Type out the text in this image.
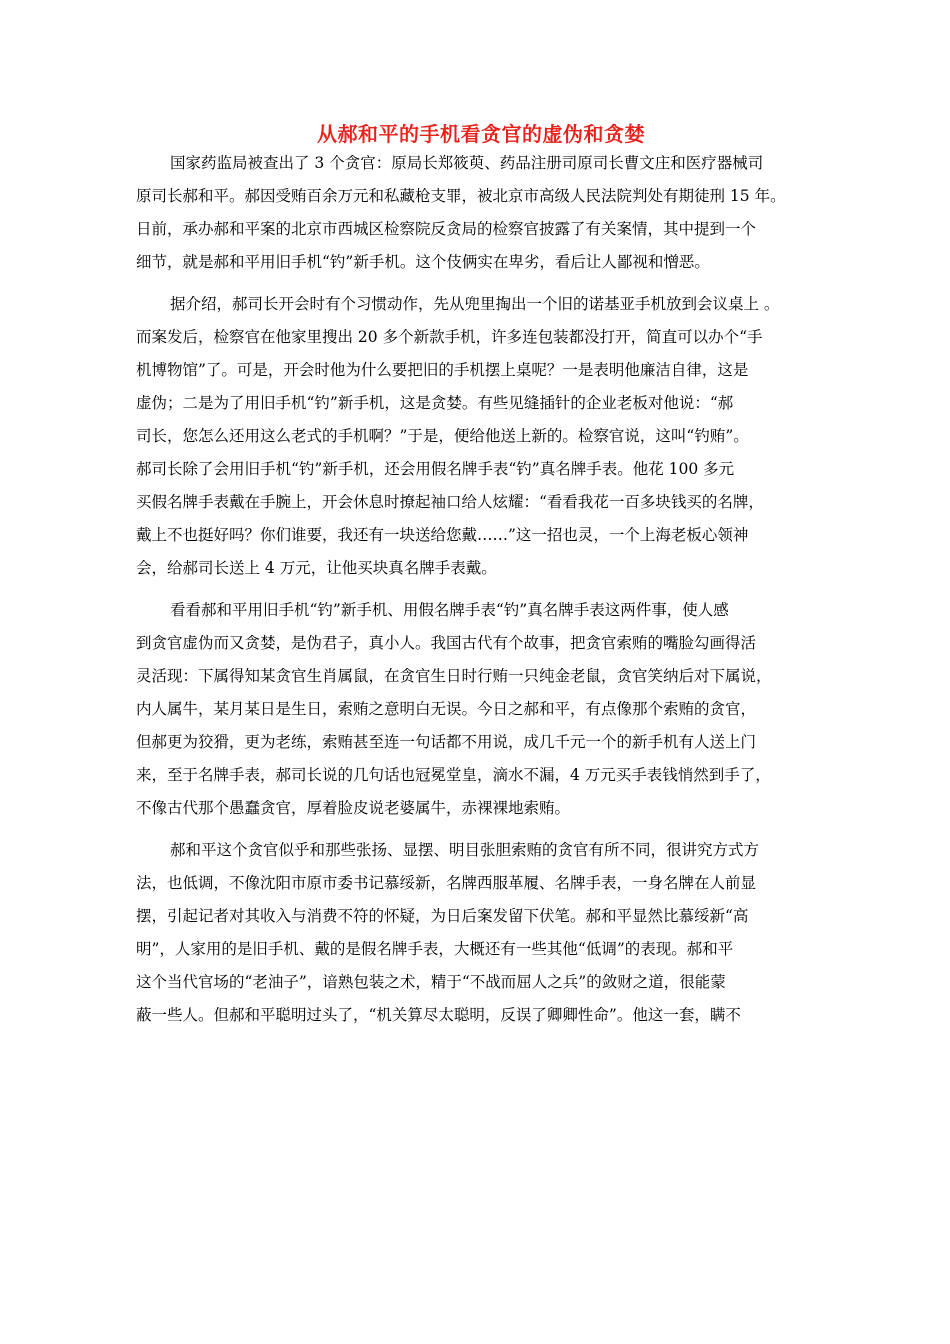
从郝和平的手机看贪官的虚伪和贪婪
国家药监局被查出了 3 个贪官：原局长郑筱萸、药品注册司原司长曹文庄和医疗器械司
原司长郝和平。郝因受贿百余万元和私藏枪支罪，被北京市高级人民法院判处有期徒刑 15 年。
日前，承办郝和平案的北京市西城区检察院反贪局的检察官披露了有关案情，其中提到一个
细节，就是郝和平用旧手机“钓”新手机。这个伎俩实在卑劣，看后让人鄙视和憎恶。
据介绍，郝司长开会时有个习惯动作，先从兜里掏出一个旧的诺基亚手机放到会议桌上 。
而案发后，检察官在他家里搜出 20 多个新款手机，许多连包装都没打开，简直可以办个“手
机博物馆”了。可是，开会时他为什么要把旧的手机摆上桌呢？一是表明他廉洁自律，这是
虚伪；二是为了用旧手机“钓”新手机，这是贪婪。有些见缝插针的企业老板对他说：“郝
司长，您怎么还用这么老式的手机啊？”于是，便给他送上新的。检察官说，这叫“钓贿”。
郝司长除了会用旧手机“钓”新手机，还会用假名牌手表“钓”真名牌手表。他花 100 多元
买假名牌手表戴在手腕上，开会休息时撩起袖口给人炫耀：“看看我花一百多块钱买的名牌，
戴上不也挺好吗？你们谁要，我还有一块送给您戴……”这一招也灵，一个上海老板心领神
会，给郝司长送上 4 万元，让他买块真名牌手表戴。
看看郝和平用旧手机“钓”新手机、用假名牌手表“钓”真名牌手表这两件事，使人感
到贪官虚伪而又贪婪，是伪君子，真小人。我国古代有个故事，把贪官索贿的嘴脸勾画得活
灵活现：下属得知某贪官生肖属鼠，在贪官生日时行贿一只纯金老鼠，贪官笑纳后对下属说，
内人属牛，某月某日是生日，索贿之意明白无误。今日之郝和平，有点像那个索贿的贪官，
但郝更为狡猾，更为老练，索贿甚至连一句话都不用说，成几千元一个的新手机有人送上门
来，至于名牌手表，郝司长说的几句话也冠冕堂皇，滴水不漏，4 万元买手表钱悄然到手了，
不像古代那个愚蠢贪官，厚着脸皮说老婆属牛，赤裸裸地索贿。
郝和平这个贪官似乎和那些张扬、显摆、明目张胆索贿的贪官有所不同，很讲究方式方
法，也低调，不像沈阳市原市委书记慕绥新，名牌西服革履、名牌手表，一身名牌在人前显
摆，引起记者对其收入与消费不符的怀疑，为日后案发留下伏笔。郝和平显然比慕绥新“高
明”，人家用的是旧手机、戴的是假名牌手表，大概还有一些其他“低调”的表现。郝和平
这个当代官场的“老油子”，谙熟包装之术，精于“不战而屈人之兵”的敛财之道，很能蒙
蔽一些人。但郝和平聪明过头了，“机关算尽太聪明，反误了卿卿性命”。他这一套，瞒不
